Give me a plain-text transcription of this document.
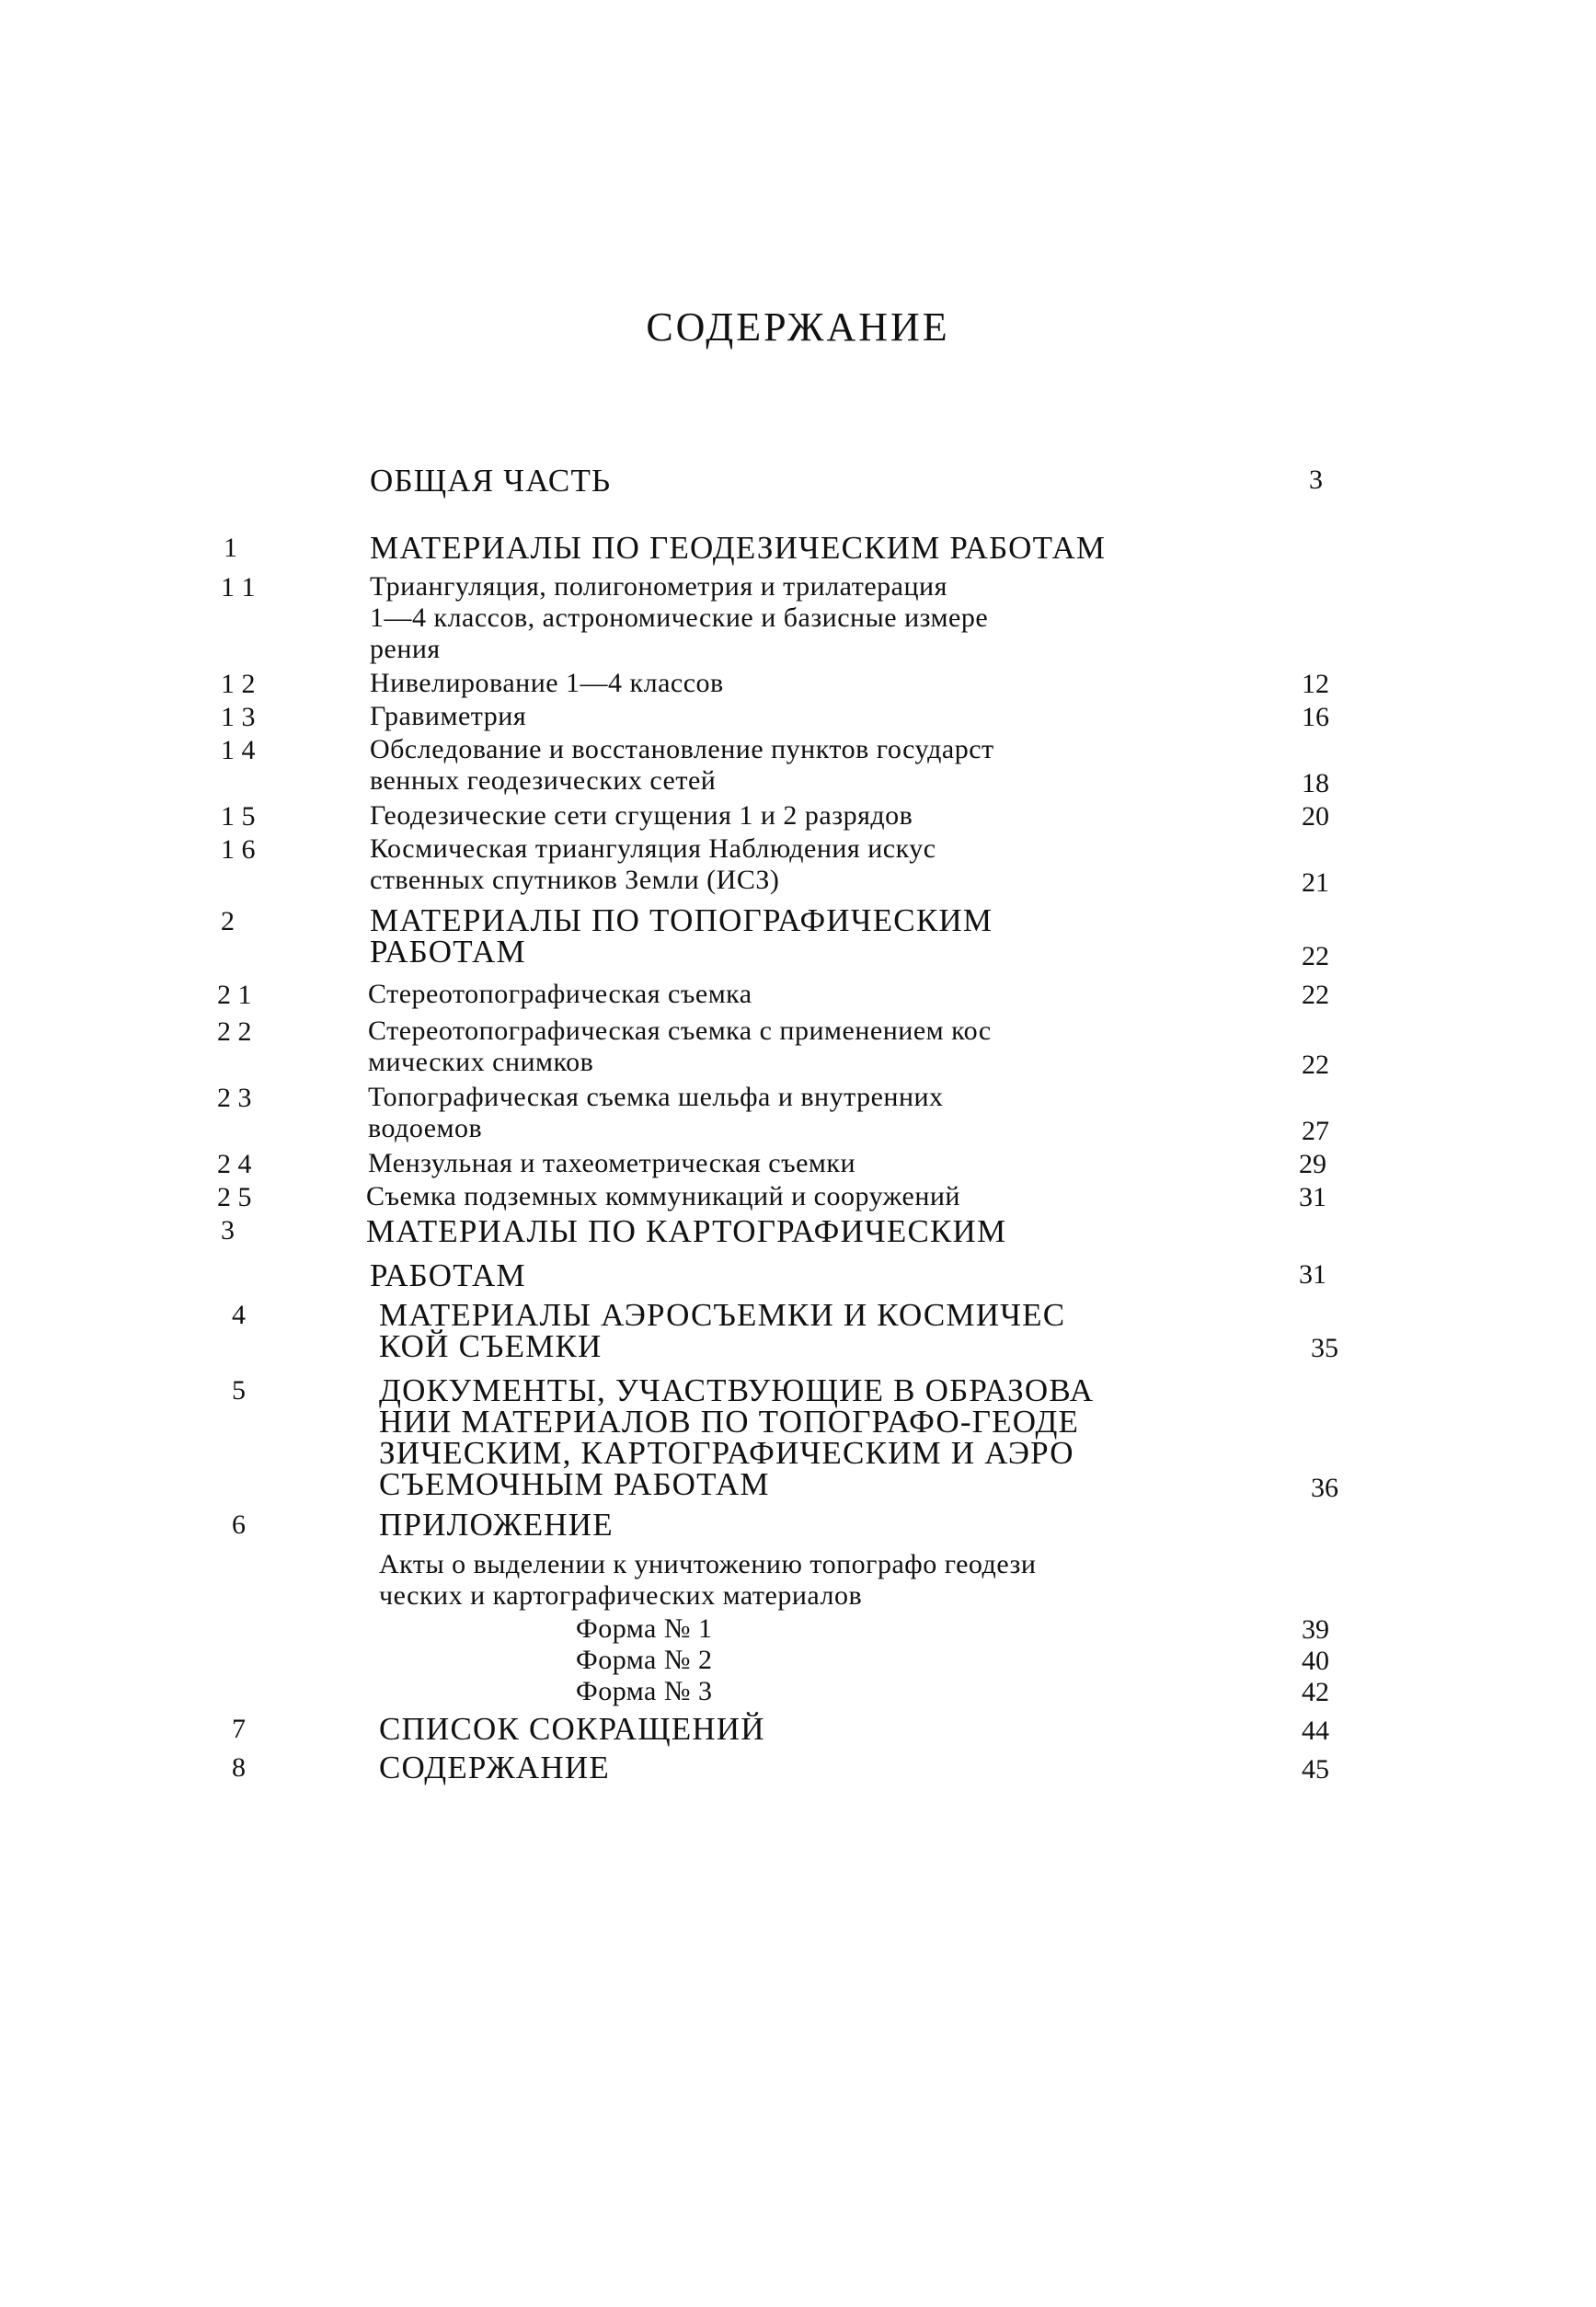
СОДЕРЖАНИЕ
ОБЩАЯ ЧАСТЬ	3
1	МАТЕРИАЛЫ ПО ГЕОДЕЗИЧЕСКИМ РАБОТАМ
1 1	Триангуляция, полигонометрия и трилатерация
1—4 классов, астрономические и базисные измере
рения
1 2	Нивелирование 1—4 классов	12
1 3	Гравиметрия	16
1 4	Обследование и восстановление пунктов государст
венных геодезических сетей	18
1 5	Геодезические сети сгущения 1 и 2 разрядов	20
1 6	Космическая триангуляция Наблюдения искус
ственных спутников Земли (ИСЗ)	21
2	МАТЕРИАЛЫ ПО ТОПОГРАФИЧЕСКИМ
РАБОТАМ	22
2 1	Стереотопографическая съемка	22
2 2	Стереотопографическая съемка с применением кос
мических снимков	22
2 3	Топографическая съемка шельфа и внутренних
водоемов	27
2 4	Мензульная и тахеометрическая съемки	29
2 5	Съемка подземных коммуникаций и сооружений	31
3	МАТЕРИАЛЫ ПО КАРТОГРАФИЧЕСКИМ
РАБОТАМ	31
4	МАТЕРИАЛЫ АЭРОСЪЕМКИ И КОСМИЧЕС
КОЙ СЪЕМКИ	35
5	ДОКУМЕНТЫ, УЧАСТВУЮЩИЕ В ОБРАЗОВА
НИИ МАТЕРИАЛОВ ПО ТОПОГРАФО-ГЕОДЕ
ЗИЧЕСКИМ, КАРТОГРАФИЧЕСКИМ И АЭРО
СЪЕМОЧНЫМ РАБОТАМ	36
6	ПРИЛОЖЕНИЕ
Акты о выделении к уничтожению топографо геодези
ческих и картографических материалов
Форма № 1	39
Форма № 2	40
Форма № 3	42
7	СПИСОК СОКРАЩЕНИЙ	44
8	СОДЕРЖАНИЕ	45
